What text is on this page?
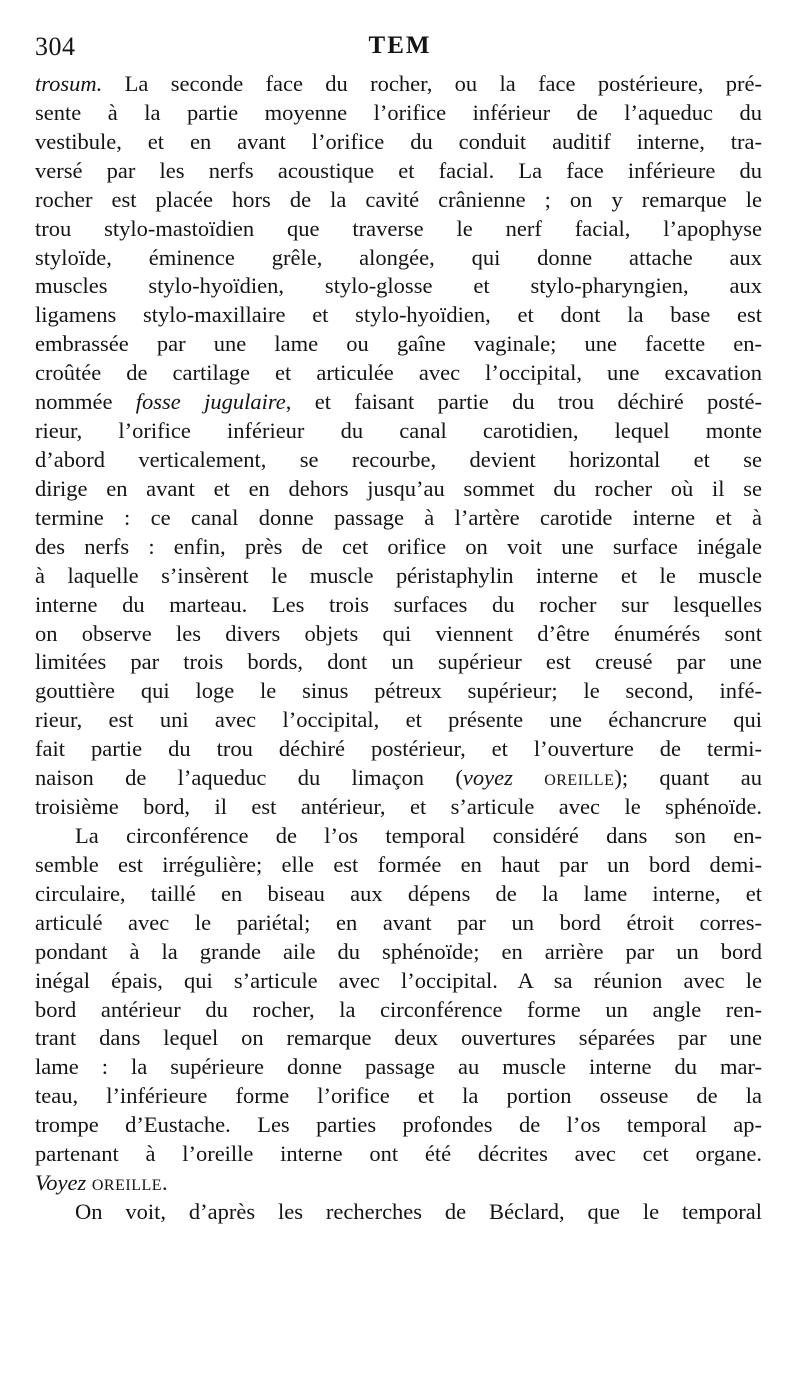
304	TEM
trosum. La seconde face du rocher, ou la face postérieure, pré-
sente à la partie moyenne l’orifice inférieur de l’aqueduc du
vestibule, et en avant l’orifice du conduit auditif interne, tra-
versé par les nerfs acoustique et facial. La face inférieure du
rocher est placée hors de la cavité crânienne ; on y remarque le
trou stylo-mastoïdien que traverse le nerf facial, l’apophyse
styloïde, éminence grêle, alongée, qui donne attache aux
muscles stylo-hyoïdien, stylo-glosse et stylo-pharyngien, aux
ligamens stylo-maxillaire et stylo-hyoïdien, et dont la base est
embrassée par une lame ou gaîne vaginale; une facette en-
croûtée de cartilage et articulée avec l’occipital, une excavation
nommée fosse jugulaire, et faisant partie du trou déchiré posté-
rieur, l’orifice inférieur du canal carotidien, lequel monte
d’abord verticalement, se recourbe, devient horizontal et se
dirige en avant et en dehors jusqu’au sommet du rocher où il se
termine : ce canal donne passage à l’artère carotide interne et à
des nerfs : enfin, près de cet orifice on voit une surface inégale
à laquelle s’insèrent le muscle péristaphylin interne et le muscle
interne du marteau. Les trois surfaces du rocher sur lesquelles
on observe les divers objets qui viennent d’être énumérés sont
limitées par trois bords, dont un supérieur est creusé par une
gouttière qui loge le sinus pétreux supérieur; le second, infé-
rieur, est uni avec l’occipital, et présente une échancrure qui
fait partie du trou déchiré postérieur, et l’ouverture de termi-
naison de l’aqueduc du limaçon (voyez oreille); quant au
troisième bord, il est antérieur, et s’articule avec le sphénoïde.
La circonférence de l’os temporal considéré dans son en-
semble est irrégulière; elle est formée en haut par un bord demi-
circulaire, taillé en biseau aux dépens de la lame interne, et
articulé avec le pariétal; en avant par un bord étroit corres-
pondant à la grande aile du sphénoïde; en arrière par un bord
inégal épais, qui s’articule avec l’occipital. A sa réunion avec le
bord antérieur du rocher, la circonférence forme un angle ren-
trant dans lequel on remarque deux ouvertures séparées par une
lame : la supérieure donne passage au muscle interne du mar-
teau, l’inférieure forme l’orifice et la portion osseuse de la
trompe d’Eustache. Les parties profondes de l’os temporal ap-
partenant à l’oreille interne ont été décrites avec cet organe.
Voyez oreille.
On voit, d’après les recherches de Béclard, que le temporal
